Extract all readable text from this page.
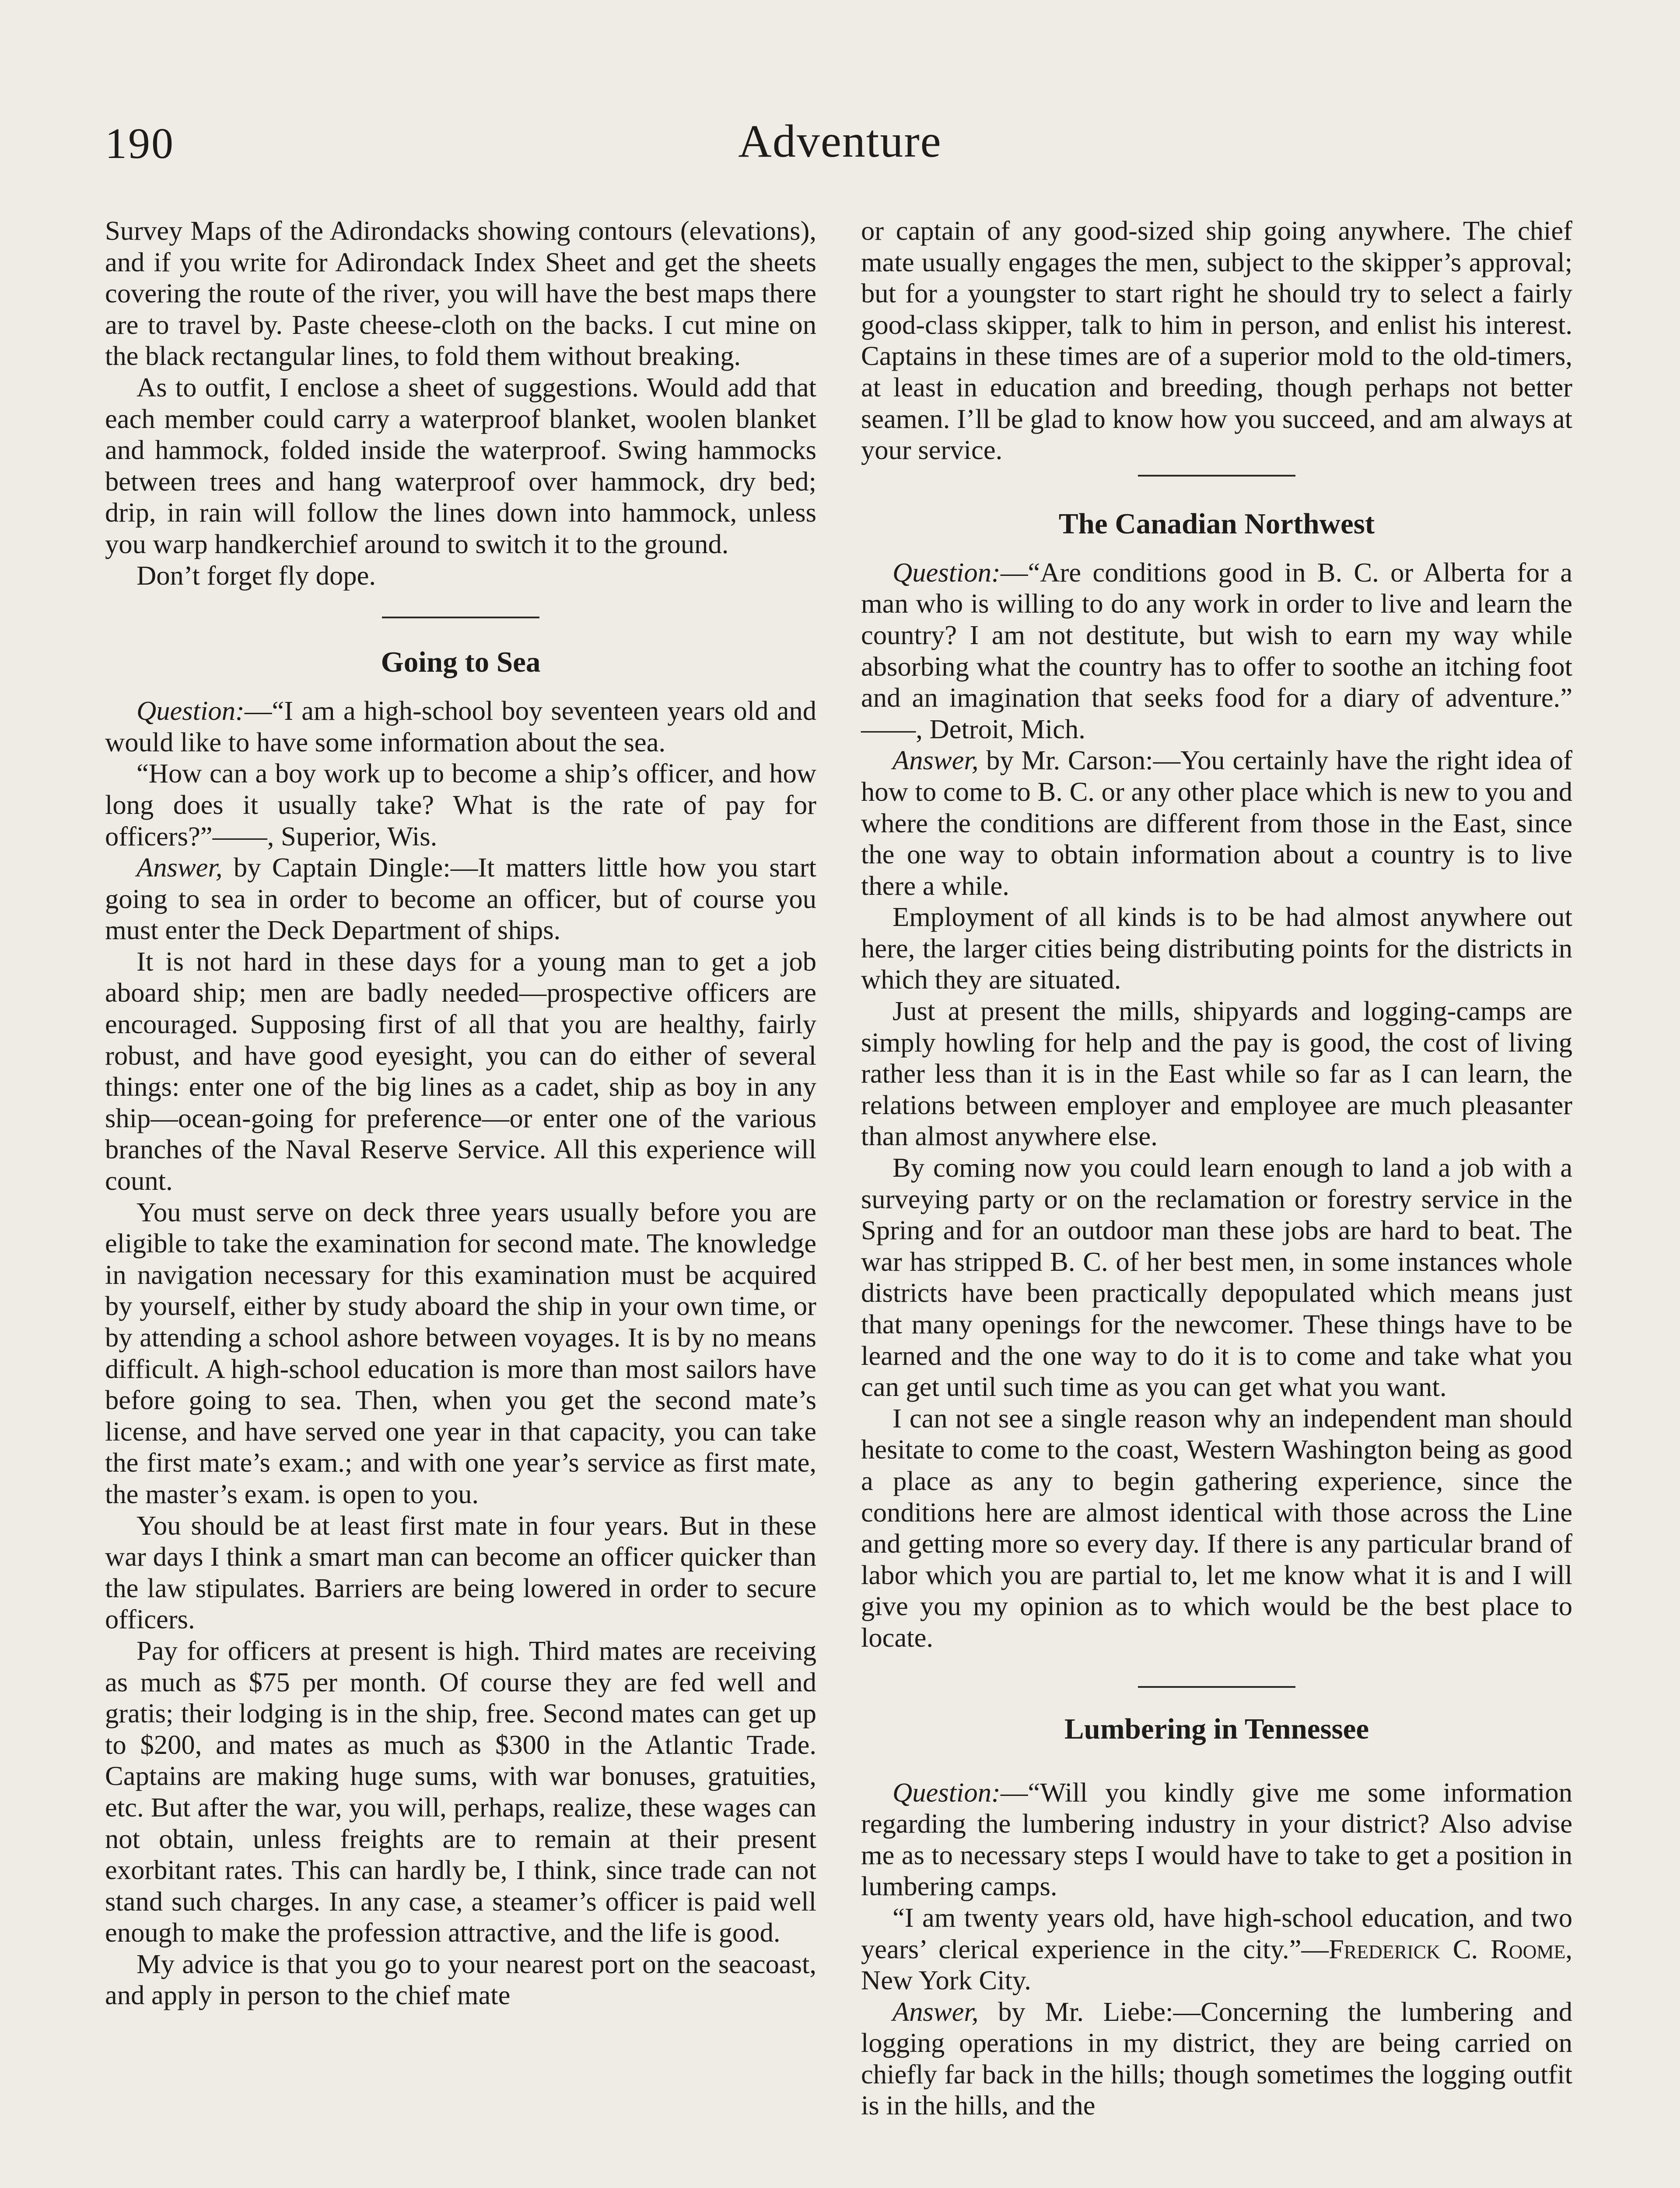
190	Adventure

Survey Maps of the Adirondacks showing contours (elevations), and if you write for Adirondack Index Sheet and get the sheets covering the route of the river, you will have the best maps there are to travel by. Paste cheese-cloth on the backs. I cut mine on the black rectangular lines, to fold them without breaking.

As to outfit, I enclose a sheet of suggestions. Would add that each member could carry a waterproof blanket, woolen blanket and hammock, folded inside the waterproof. Swing hammocks between trees and hang waterproof over hammock, dry bed; drip, in rain will follow the lines down into hammock, unless you warp handkerchief around to switch it to the ground.

Don’t forget fly dope.

Going to Sea

Question:—“I am a high-school boy seventeen years old and would like to have some information about the sea.

“How can a boy work up to become a ship’s officer, and how long does it usually take? What is the rate of pay for officers?”——, Superior, Wis.

Answer, by Captain Dingle:—It matters little how you start going to sea in order to become an officer, but of course you must enter the Deck Department of ships.

It is not hard in these days for a young man to get a job aboard ship; men are badly needed—prospective officers are encouraged. Supposing first of all that you are healthy, fairly robust, and have good eyesight, you can do either of several things: enter one of the big lines as a cadet, ship as boy in any ship—ocean-going for preference—or enter one of the various branches of the Naval Reserve Service. All this experience will count.

You must serve on deck three years usually before you are eligible to take the examination for second mate. The knowledge in navigation necessary for this examination must be acquired by yourself, either by study aboard the ship in your own time, or by attending a school ashore between voyages. It is by no means difficult. A high-school education is more than most sailors have before going to sea. Then, when you get the second mate’s license, and have served one year in that capacity, you can take the first mate’s exam.; and with one year’s service as first mate, the master’s exam. is open to you.

You should be at least first mate in four years. But in these war days I think a smart man can become an officer quicker than the law stipulates. Barriers are being lowered in order to secure officers.

Pay for officers at present is high. Third mates are receiving as much as $75 per month. Of course they are fed well and gratis; their lodging is in the ship, free. Second mates can get up to $200, and mates as much as $300 in the Atlantic Trade. Captains are making huge sums, with war bonuses, gratuities, etc. But after the war, you will, perhaps, realize, these wages can not obtain, unless freights are to remain at their present exorbitant rates. This can hardly be, I think, since trade can not stand such charges. In any case, a steamer’s officer is paid well enough to make the profession attractive, and the life is good.

My advice is that you go to your nearest port on the seacoast, and apply in person to the chief mate

or captain of any good-sized ship going anywhere. The chief mate usually engages the men, subject to the skipper’s approval; but for a youngster to start right he should try to select a fairly good-class skipper, talk to him in person, and enlist his interest. Captains in these times are of a superior mold to the old-timers, at least in education and breeding, though perhaps not better seamen. I’ll be glad to know how you succeed, and am always at your service.

The Canadian Northwest

Question:—“Are conditions good in B. C. or Alberta for a man who is willing to do any work in order to live and learn the country? I am not destitute, but wish to earn my way while absorbing what the country has to offer to soothe an itching foot and an imagination that seeks food for a diary of adventure.” ——, Detroit, Mich.

Answer, by Mr. Carson:—You certainly have the right idea of how to come to B. C. or any other place which is new to you and where the conditions are different from those in the East, since the one way to obtain information about a country is to live there a while.

Employment of all kinds is to be had almost anywhere out here, the larger cities being distributing points for the districts in which they are situated.

Just at present the mills, shipyards and logging-camps are simply howling for help and the pay is good, the cost of living rather less than it is in the East while so far as I can learn, the relations between employer and employee are much pleasanter than almost anywhere else.

By coming now you could learn enough to land a job with a surveying party or on the reclamation or forestry service in the Spring and for an outdoor man these jobs are hard to beat. The war has stripped B. C. of her best men, in some instances whole districts have been practically depopulated which means just that many openings for the newcomer. These things have to be learned and the one way to do it is to come and take what you can get until such time as you can get what you want.

I can not see a single reason why an independent man should hesitate to come to the coast, Western Washington being as good a place as any to begin gathering experience, since the conditions here are almost identical with those across the Line and getting more so every day. If there is any particular brand of labor which you are partial to, let me know what it is and I will give you my opinion as to which would be the best place to locate.

Lumbering in Tennessee

Question:—“Will you kindly give me some information regarding the lumbering industry in your district? Also advise me as to necessary steps I would have to take to get a position in lumbering camps.

“I am twenty years old, have high-school education, and two years’ clerical experience in the city.”—Frederick C. Roome, New York City.

Answer, by Mr. Liebe:—Concerning the lumbering and logging operations in my district, they are being carried on chiefly far back in the hills; though sometimes the logging outfit is in the hills, and the
